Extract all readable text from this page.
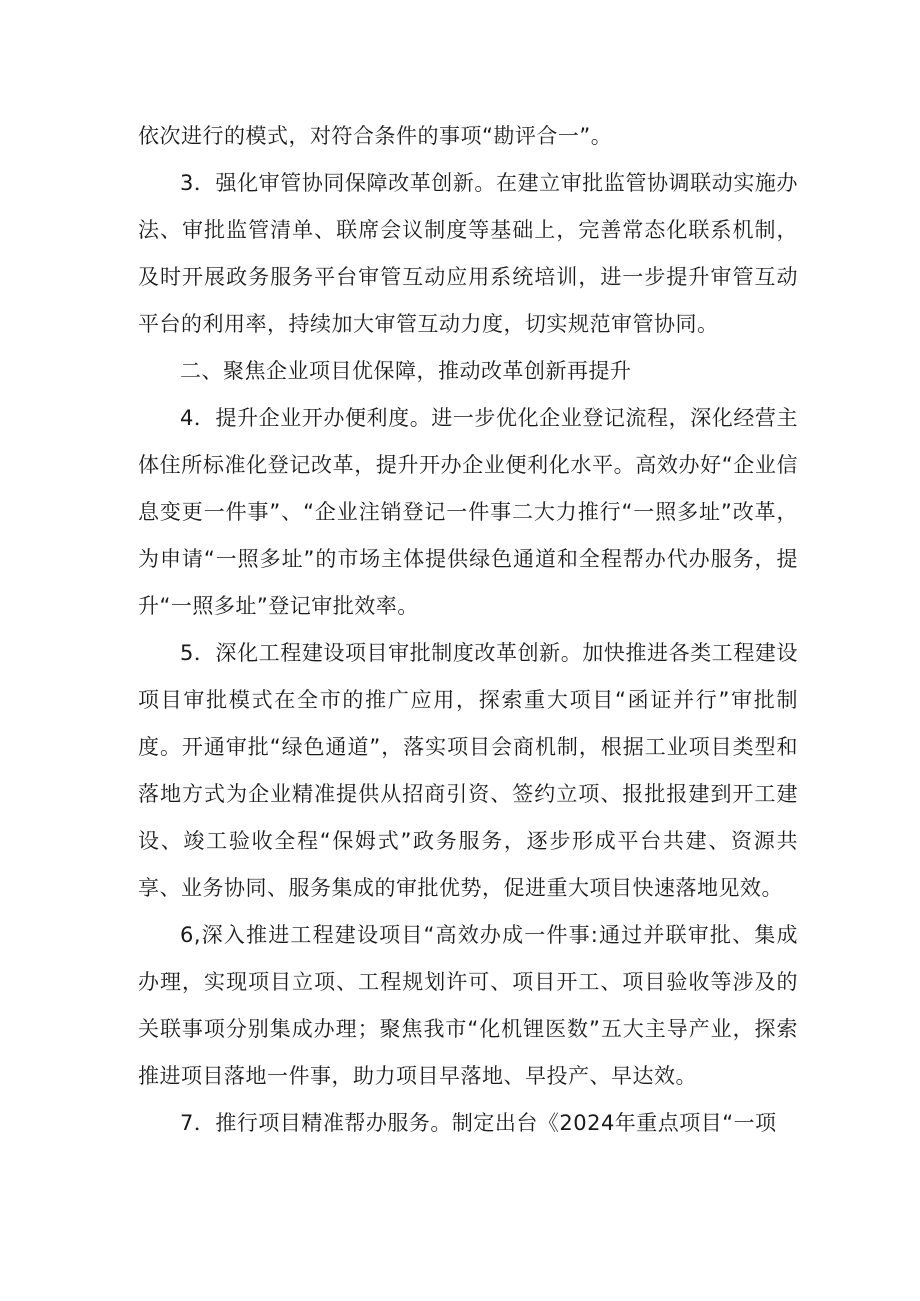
依次进行的模式，对符合条件的事项“勘评合一”。

3．强化审管协同保障改革创新。在建立审批监管协调联动实施办法、审批监管清单、联席会议制度等基础上，完善常态化联系机制，及时开展政务服务平台审管互动应用系统培训，进一步提升审管互动平台的利用率，持续加大审管互动力度，切实规范审管协同。

二、聚焦企业项目优保障，推动改革创新再提升

4．提升企业开办便利度。进一步优化企业登记流程，深化经营主体住所标准化登记改革，提升开办企业便利化水平。高效办好“企业信息变更一件事”、“企业注销登记一件事二大力推行“一照多址”改革，为申请“一照多址”的市场主体提供绿色通道和全程帮办代办服务，提升“一照多址”登记审批效率。

5．深化工程建设项目审批制度改革创新。加快推进各类工程建设项目审批模式在全市的推广应用，探索重大项目“函证并行”审批制度。开通审批“绿色通道”，落实项目会商机制，根据工业项目类型和落地方式为企业精准提供从招商引资、签约立项、报批报建到开工建设、竣工验收全程“保姆式”政务服务，逐步形成平台共建、资源共享、业务协同、服务集成的审批优势，促进重大项目快速落地见效。

6,深入推进工程建设项目“高效办成一件事:通过并联审批、集成办理，实现项目立项、工程规划许可、项目开工、项目验收等涉及的关联事项分别集成办理；聚焦我市“化机锂医数”五大主导产业，探索推进项目落地一件事，助力项目早落地、早投产、早达效。

7．推行项目精准帮办服务。制定出台《2024年重点项目“一项
